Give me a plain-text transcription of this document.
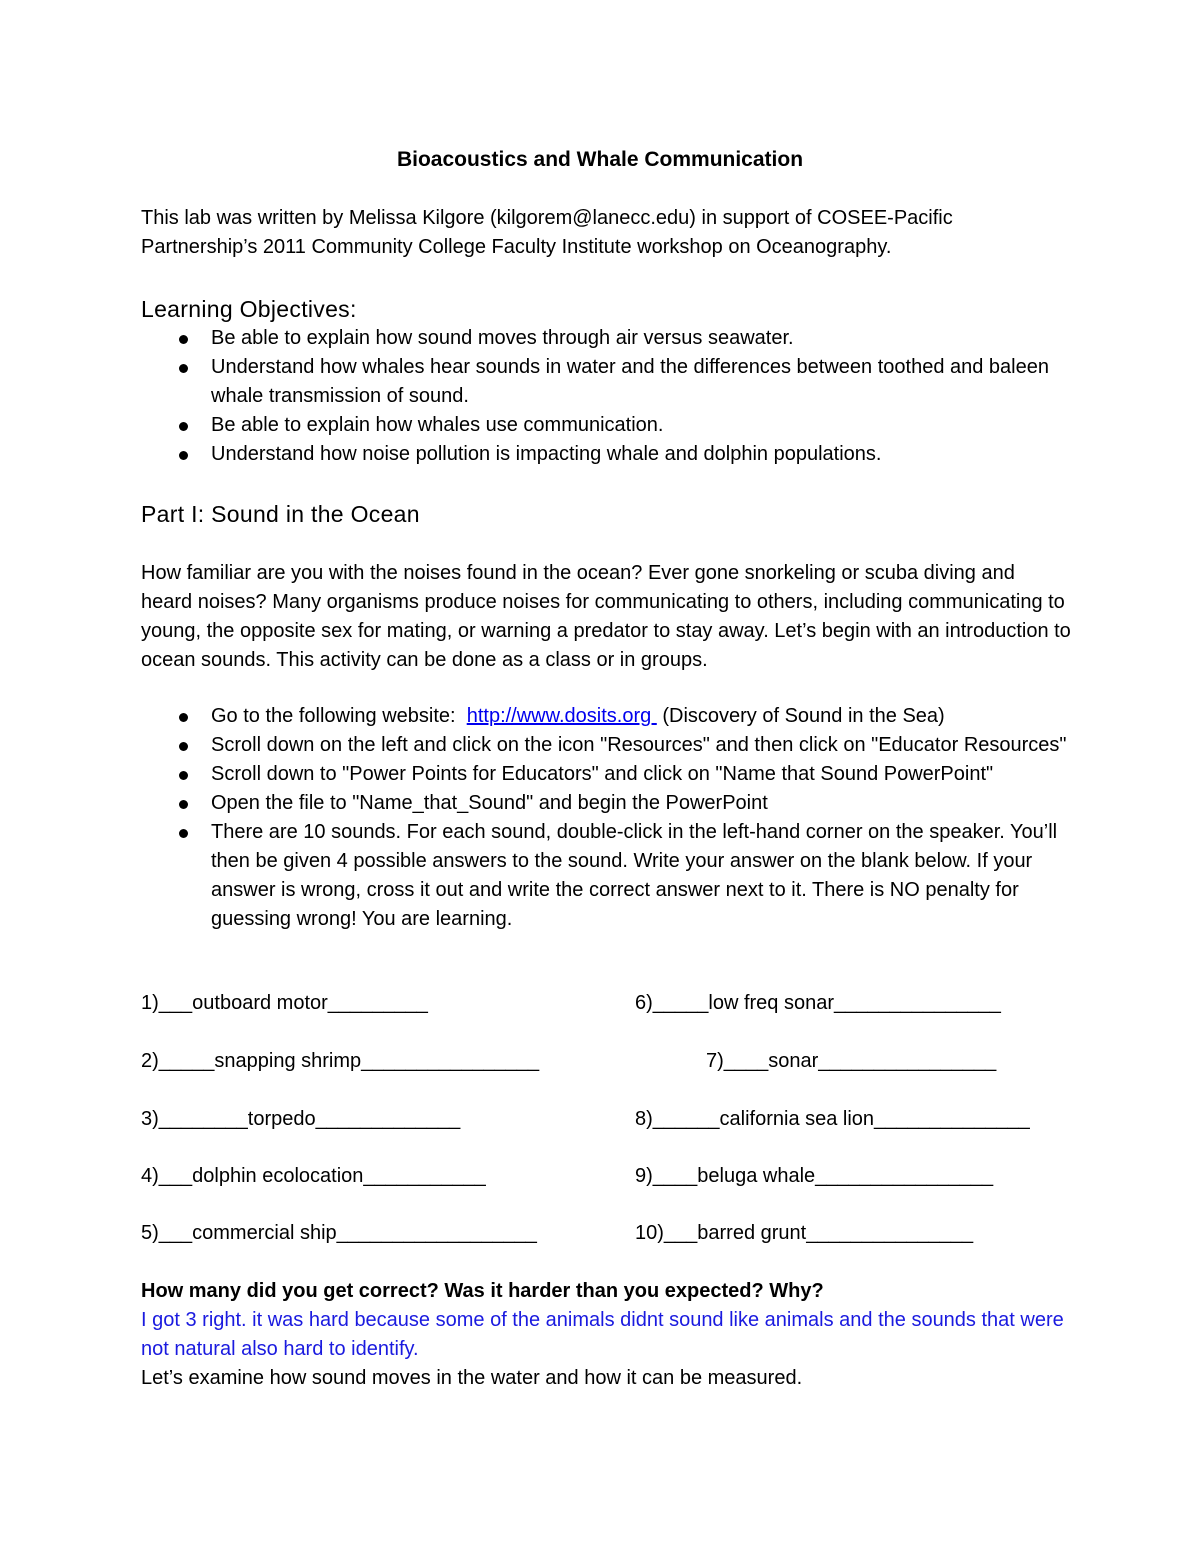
Bioacoustics and Whale Communication
This lab was written by Melissa Kilgore (kilgorem@lanecc.edu) in support of COSEE-Pacific
Partnership’s 2011 Community College Faculty Institute workshop on Oceanography.
Learning Objectives:
Be able to explain how sound moves through air versus seawater.
Understand how whales hear sounds in water and the differences between toothed and baleen whale transmission of sound.
Be able to explain how whales use communication.
Understand how noise pollution is impacting whale and dolphin populations.
Part I: Sound in the Ocean
How familiar are you with the noises found in the ocean? Ever gone snorkeling or scuba diving and heard noises? Many organisms produce noises for communicating to others, including communicating to young, the opposite sex for mating, or warning a predator to stay away. Let’s begin with an introduction to ocean sounds. This activity can be done as a class or in groups.
Go to the following website:  http://www.dosits.org  (Discovery of Sound in the Sea)
Scroll down on the left and click on the icon "Resources" and then click on "Educator Resources"
Scroll down to "Power Points for Educators" and click on "Name that Sound PowerPoint"
Open the file to "Name_that_Sound" and begin the PowerPoint
There are 10 sounds. For each sound, double-click in the left-hand corner on the speaker. You’ll then be given 4 possible answers to the sound. Write your answer on the blank below. If your answer is wrong, cross it out and write the correct answer next to it. There is NO penalty for guessing wrong! You are learning.
1)___outboard motor_________
2)_____snapping shrimp________________
3)________torpedo_____________
4)___dolphin ecolocation___________
5)___commercial ship__________________
6)_____low freq sonar_______________
7)____sonar________________
8)______california sea lion______________
9)____beluga whale________________
10)___barred grunt_______________
How many did you get correct? Was it harder than you expected? Why?
I got 3 right. it was hard because some of the animals didnt sound like animals and the sounds that were not natural also hard to identify.
Let’s examine how sound moves in the water and how it can be measured.
